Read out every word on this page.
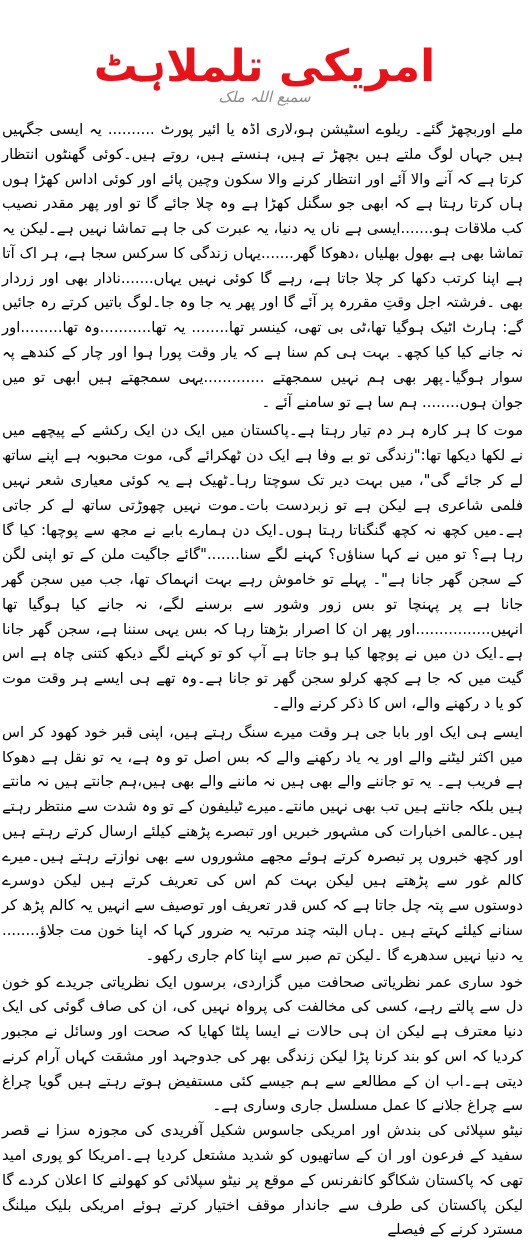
امریکی تلملاہٹ
سمیع اللہ ملک

ملے اوربچھڑ گئے۔ ریلوے اسٹیشن ہو،لاری اڈہ یا ائیر پورٹ .......... یہ ایسی جگہیں ہیں جہاں لوگ ملتے ہیں بچھڑ تے ہیں، ہنستے ہیں، روتے ہیں۔کوئی گھنٹوں انتظار کرتا ہے کہ آنے والا آئے اور انتظار کرنے والا سکون وچین پائے اور کوئی اداس کھڑا ہوں ہاں کرتا رہتا ہے کہ ابھی جو سگنل کھڑا ہے وہ چلا جائے گا تو اور پھر مقدر نصیب کب ملاقات ہو.......ایسی ہے ناں یہ دنیا، یہ عبرت کی جا ہے تماشا نہیں ہے۔لیکن یہ تماشا بھی ہے بھول بھلیاں ،دھوکا گھر.......یہاں زندگی کا سرکس سجا ہے، ہر اک آتا ہے اپنا کرتب دکھا کر چلا جاتا ہے، رہے گا کوئی نہیں یہاں.......نادار بھی اور زردار بھی ۔فرشتہ اجل وقتِ مقررہ پر آئے گا اور پھر یہ جا وہ جا۔لوگ باتیں کرتے رہ جائیں گے: ہارٹ اٹیک ہوگیا تھا،ٹی بی تھی، کینسر تھا........ یہ تھا...........وہ تھا.........اور نہ جانے کیا کیا کچھ۔ بہت ہی کم سنا ہے کہ یار وقت پورا ہوا اور چار کے کندھے پہ سوار ہوگیا۔پھر بھی ہم نہیں سمجھتے .............یہی سمجھتے ہیں ابھی تو میں جوان ہوں........ ہم سا ہے تو سامنے آئے ۔

موت کا ہر کارہ ہر دم تیار رہتا ہے۔پاکستان میں ایک دن ایک رکشے کے پیچھے میں نے لکھا دیکھا تھا:"زندگی تو بے وفا ہے ایک دن ٹھکرائے گی، موت محبوبہ ہے اپنے ساتھ لے کر جائے گی"، میں بہت دیر تک سوچتا رہا۔ٹھیک ہے یہ کوئی معیاری شعر نہیں فلمی شاعری ہے لیکن ہے تو زبردست بات۔موت نہیں چھوڑتی ساتھ لے کر جاتی ہے۔میں کچھ نہ کچھ گنگناتا رہتا ہوں۔ایک دن ہمارے بابے نے مجھ سے پوچھا: کیا گا رہا ہے؟ تو میں نے کہا سناؤں؟ کہنے لگے سنا......."گائے جاگیت ملن کے تو اپنی لگن کے سجن گھر جانا ہے"۔ پہلے تو خاموش رہے بہت انہماک تھا، جب میں سجن گھر جانا ہے پر پہنچا تو بس زور وشور سے برسنے لگے، نہ جانے کیا ہوگیا تھا انہیں................اور پھر ان کا اصرار بڑھتا رہا کہ بس یہی سننا ہے، سجن گھر جانا ہے۔ایک دن میں نے پوچھا کیا ہو جاتا ہے آپ کو تو کہنے لگے دیکھ کتنی چاہ ہے اس گیت میں کہ جا ہے کچھ کرلو سجن گھر تو جانا ہے۔وہ تھے ہی ایسے ہر وقت موت کو یا د رکھنے والے، اس کا ذکر کرنے والے۔

ایسے ہی ایک اور بابا جی ہر وقت میرے سنگ رہتے ہیں، اپنی قبر خود کھود کر اس میں اکثر لیٹنے والے اور یہ یاد رکھنے والے کہ بس اصل تو وہ ہے، یہ تو نقل ہے دھوکا ہے فریب ہے۔ یہ تو جاننے والے بھی ہیں نہ ماننے والے بھی ہیں،ہم جانتے ہیں نہ مانتے ہیں بلکہ جانتے ہیں تب بھی نہیں مانتے۔میرے ٹیلیفون کے تو وہ شدت سے منتظر رہتے ہیں۔عالمی اخبارات کی مشہور خبریں اور تبصرے پڑھنے کیلئے ارسال کرتے رہتے ہیں اور کچھ خبروں پر تبصرہ کرتے ہوئے مجھے مشوروں سے بھی نوازتے رہتے ہیں۔میرے کالم غور سے پڑھتے ہیں لیکن بہت کم اس کی تعریف کرتے ہیں لیکن دوسرے دوستوں سے پتہ چل جاتا ہے کہ کس قدر تعریف اور توصیف سے انہیں یہ کالم پڑھ کر سنانے کیلئے کہتے ہیں ۔ہاں البتہ چند مرتبہ یہ ضرور کہا کہ اپنا خون مت جلاؤ........ یہ دنیا نہیں سدھرے گا ۔لیکن تم صبر سے اپنا کام جاری رکھو۔

خود ساری عمر نظریاتی صحافت میں گزاردی، برسوں ایک نظریاتی جریدے کو خون دل سے پالتے رہے، کسی کی مخالفت کی پرواہ نہیں کی، ان کی صاف گوئی کی ایک دنیا معترف ہے لیکن ان ہی حالات نے ایسا پلٹا کھایا کہ صحت اور وسائل نے مجبور کردیا کہ اس کو بند کرنا پڑا لیکن زندگی بھر کی جدوجہد اور مشقت کہاں آرام کرنے دیتی ہے۔اب ان کے مطالعے سے ہم جیسے کئی مستفیض ہوتے رہتے ہیں گویا چراغ سے چراغ جلانے کا عمل مسلسل جاری وساری ہے۔

نیٹو سپلائی کی بندش اور امریکی جاسوس شکیل آفریدی کی مجوزہ سزا نے قصر سفید کے فرعون اور ان کے ساتھیوں کو شدید مشتعل کردیا ہے۔امریکا کو پوری امید تھی کہ پاکستان شکاگو کانفرنس کے موقع پر نیٹو سپلائی کو کھولنے کا اعلان کردے گا لیکن پاکستان کی طرف سے جاندار موقف اختیار کرتے ہوئے امریکی بلیک میلنگ مسترد کرنے کے فیصلے
